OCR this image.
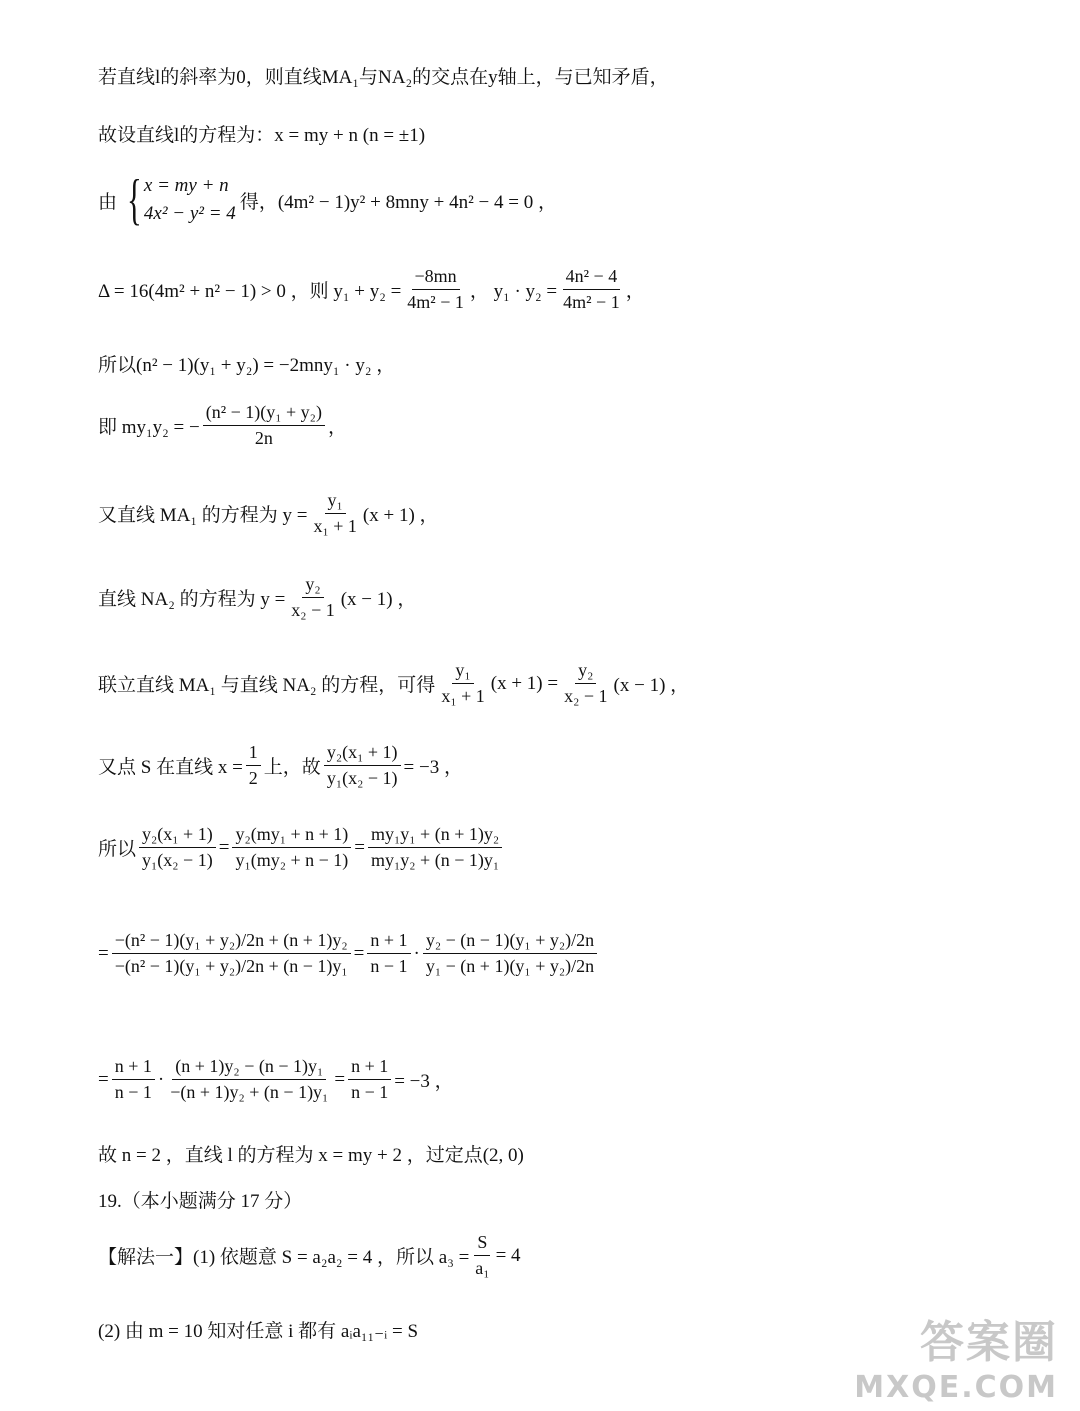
若直线l的斜率为0，则直线MA₁与NA₂的交点在y轴上，与已知矛盾，
故设直线l的方程为：x = my + n (n = ±1)
由 { x = my + n
4x² − y² = 4
得，(4m² − 1)y² + 8mny + 4n² − 4 = 0 ，
Δ = 16(4m² + n² − 1) > 0 ，则 $y_1 + y_2 = \frac{-8mn}{\text{4m² − 1}}$ ， $y_1 \cdot y_2 = \frac{\text{4n² − 4}}{\text{4m² − 1}}$ ，
所以(n² − 1)(y₁ + y₂) = −2mny₁ · y₂ ，
即 my₁y₂ = − $\frac{\text{(n² − 1)(y₁ + y₂)}}{2n}$ ，
又直线 MA₁ 的方程为 $y = \frac{\text{y₁}}{\text{x₁ + 1}} (x + 1)$ ，
直线 NA₂ 的方程为 $y = \frac{\text{y₂}}{\text{x₂ − 1}} (x - 1)$ ，
联立直线 MA₁ 与直线 NA₂ 的方程，可得 $\frac{\text{y₁}}{\text{x₁ + 1}} (x + 1) = \frac{\text{y₂}}{\text{x₂ − 1}} (x - 1)$ ，
又点 S 在直线 $x = \frac{1}{2}$ 上，故 $\frac{\text{y₂(x₁ + 1)}}{\text{y₁(x₂ − 1)}} = -3$ ，
所以 $\frac{\text{y₂(x₁ + 1)}}{\text{y₁(x₂ − 1)}} = \frac{\text{y₂(my₁ + n + 1)}}{\text{y₁(my₂ + n − 1)}} = \frac{\text{my₁y₁ + (n + 1)y₂}}{\text{my₁y₂ + (n − 1)y₁}}$
= $\frac{\text{−(n² − 1)(y₁ + y₂)/2n + (n + 1)y₂}}{\text{−(n² − 1)(y₁ + y₂)/2n + (n − 1)y₁}} = \frac{n + 1}{n - 1} \cdot \frac{\text{y₂ − (n − 1)(y₁ + y₂)/2n}}{\text{y₁ − (n + 1)(y₁ + y₂)/2n}}$
= $\frac{n + 1}{n - 1} \cdot \frac{\text{(n + 1)y₂ − (n − 1)y₁}}{\text{−(n + 1)y₂ + (n − 1)y₁}} = \frac{n + 1}{n - 1} = -3$ ，
故 n = 2 ，直线 l 的方程为 x = my + 2 ，过定点(2, 0)
19.（本小题满分 17 分）
【解法一】(1) 依题意 S = a₂a₂ = 4 ，所以 $a_3 = \frac{S}{\text{a₁}} = 4$
(2) 由 m = 10 知对任意 i 都有 aᵢa₁₁₋ᵢ = S	答案圈
MXQE.COM
